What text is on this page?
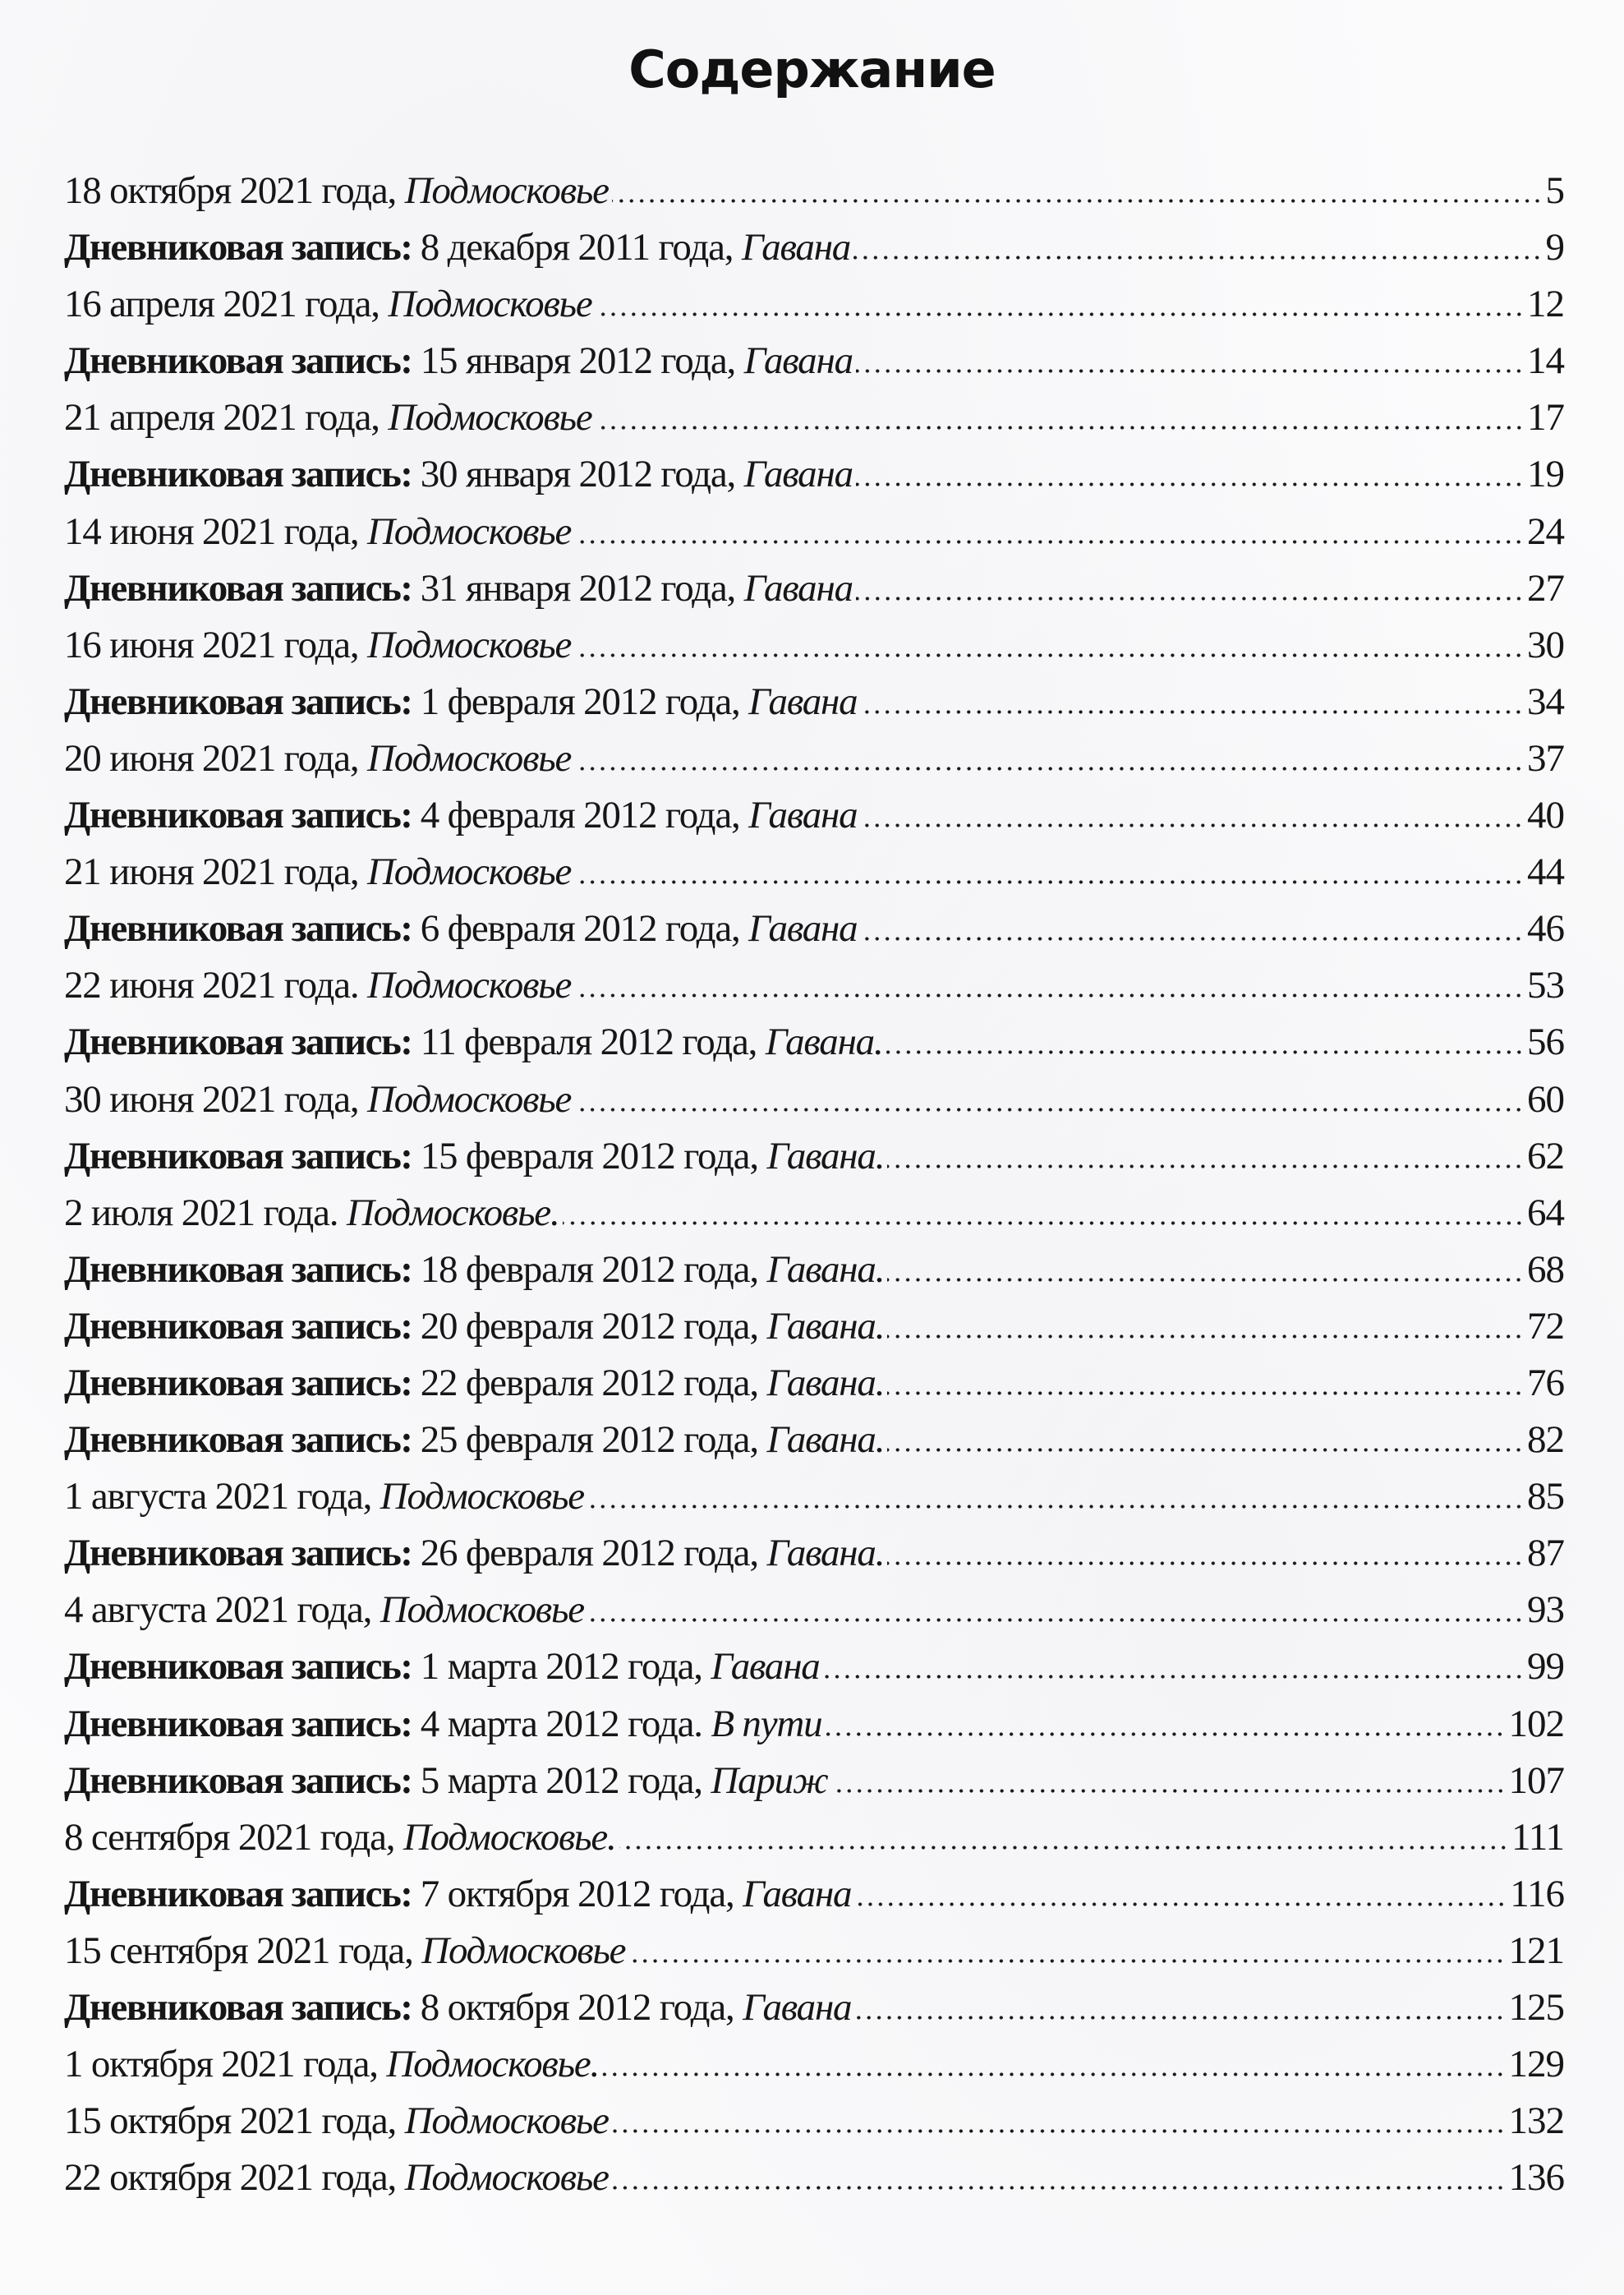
Содержание
18 октября 2021 года, Подмосковье	5
Дневниковая запись: 8 декабря 2011 года, Гавана	9
16 апреля 2021 года, Подмосковье	12
Дневниковая запись: 15 января 2012 года, Гавана	14
21 апреля 2021 года, Подмосковье	17
Дневниковая запись: 30 января 2012 года, Гавана	19
14 июня 2021 года, Подмосковье	24
Дневниковая запись: 31 января 2012 года, Гавана	27
16 июня 2021 года, Подмосковье	30
Дневниковая запись: 1 февраля 2012 года, Гавана	34
20 июня 2021 года, Подмосковье	37
Дневниковая запись: 4 февраля 2012 года, Гавана	40
21 июня 2021 года, Подмосковье	44
Дневниковая запись: 6 февраля 2012 года, Гавана	46
22 июня 2021 года. Подмосковье	53
Дневниковая запись: 11 февраля 2012 года, Гавана.	56
30 июня 2021 года, Подмосковье	60
Дневниковая запись: 15 февраля 2012 года, Гавана.	62
2 июля 2021 года. Подмосковье.	64
Дневниковая запись: 18 февраля 2012 года, Гавана.	68
Дневниковая запись: 20 февраля 2012 года, Гавана.	72
Дневниковая запись: 22 февраля 2012 года, Гавана.	76
Дневниковая запись: 25 февраля 2012 года, Гавана.	82
1 августа 2021 года, Подмосковье	85
Дневниковая запись: 26 февраля 2012 года, Гавана.	87
4 августа 2021 года, Подмосковье	93
Дневниковая запись: 1 марта 2012 года, Гавана	99
Дневниковая запись: 4 марта 2012 года. В пути	102
Дневниковая запись: 5 марта 2012 года, Париж	107
8 сентября 2021 года, Подмосковье.	111
Дневниковая запись: 7 октября 2012 года, Гавана	116
15 сентября 2021 года, Подмосковье	121
Дневниковая запись: 8 октября 2012 года, Гавана	125
1 октября 2021 года, Подмосковье.	129
15 октября 2021 года, Подмосковье	132
22 октября 2021 года, Подмосковье	136
